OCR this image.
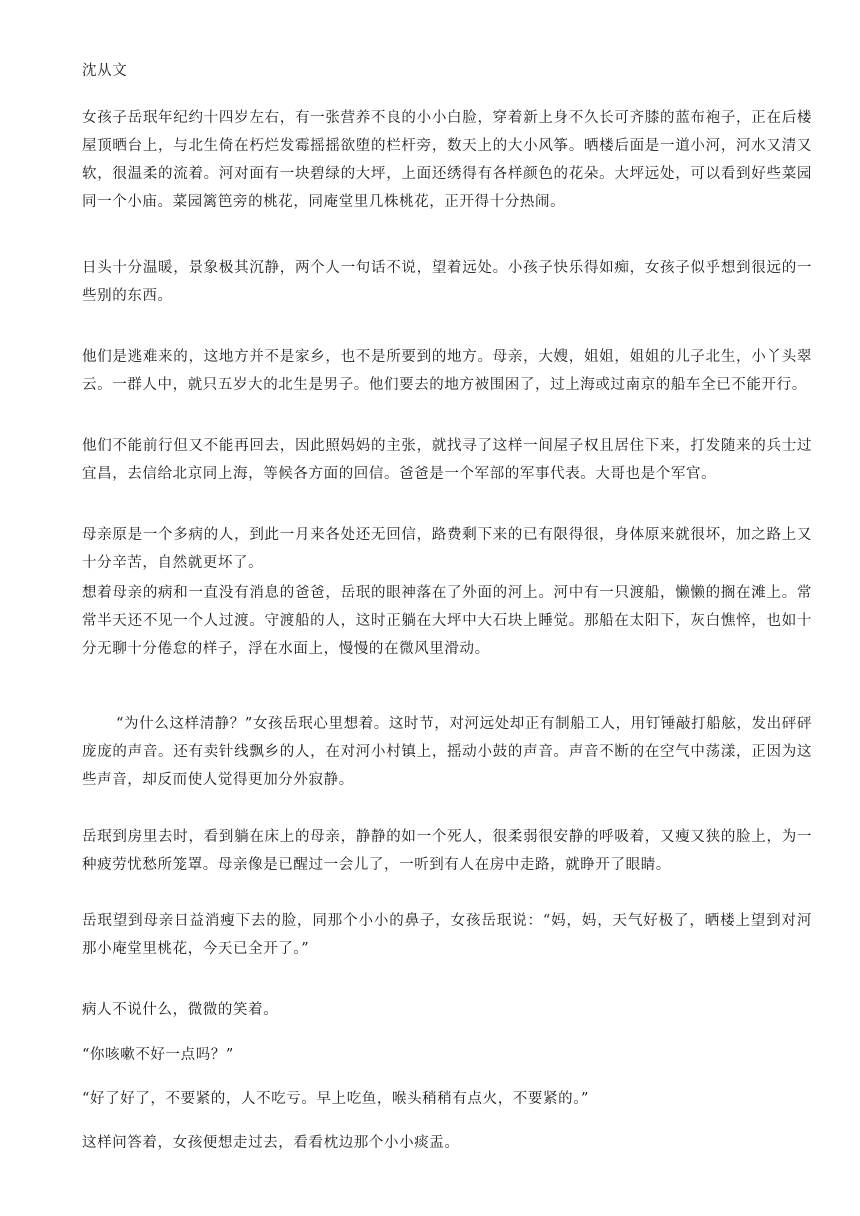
沈从文

女孩子岳珉年纪约十四岁左右，有一张营养不良的小小白脸，穿着新上身不久长可齐膝的蓝布袍子，正在后楼屋顶晒台上，与北生倚在朽烂发霉摇摇欲堕的栏杆旁，数天上的大小风筝。晒楼后面是一道小河，河水又清又软，很温柔的流着。河对面有一块碧绿的大坪，上面还绣得有各样颜色的花朵。大坪远处，可以看到好些菜园同一个小庙。菜园篱笆旁的桃花，同庵堂里几株桃花，正开得十分热闹。

日头十分温暖，景象极其沉静，两个人一句话不说，望着远处。小孩子快乐得如痴，女孩子似乎想到很远的一些别的东西。

他们是逃难来的，这地方并不是家乡，也不是所要到的地方。母亲，大嫂，姐姐，姐姐的儿子北生，小丫头翠云。一群人中，就只五岁大的北生是男子。他们要去的地方被围困了，过上海或过南京的船车全已不能开行。

他们不能前行但又不能再回去，因此照妈妈的主张，就找寻了这样一间屋子权且居住下来，打发随来的兵士过宜昌，去信给北京同上海，等候各方面的回信。爸爸是一个军部的军事代表。大哥也是个军官。

母亲原是一个多病的人，到此一月来各处还无回信，路费剩下来的已有限得很，身体原来就很坏，加之路上又十分辛苦，自然就更坏了。

想着母亲的病和一直没有消息的爸爸，岳珉的眼神落在了外面的河上。河中有一只渡船，懒懒的搁在滩上。常常半天还不见一个人过渡。守渡船的人，这时正躺在大坪中大石块上睡觉。那船在太阳下，灰白憔悴，也如十分无聊十分倦怠的样子，浮在水面上，慢慢的在微风里滑动。

“为什么这样清静？”女孩岳珉心里想着。这时节，对河远处却正有制船工人，用钉锤敲打船舷，发出砰砰庞庞的声音。还有卖针线飘乡的人，在对河小村镇上，摇动小鼓的声音。声音不断的在空气中荡漾，正因为这些声音，却反而使人觉得更加分外寂静。

岳珉到房里去时，看到躺在床上的母亲，静静的如一个死人，很柔弱很安静的呼吸着，又瘦又狭的脸上，为一种疲劳忧愁所笼罩。母亲像是已醒过一会儿了，一听到有人在房中走路，就睁开了眼睛。

岳珉望到母亲日益消瘦下去的脸，同那个小小的鼻子，女孩岳珉说：“妈，妈，天气好极了，晒楼上望到对河那小庵堂里桃花，今天已全开了。”

病人不说什么，微微的笑着。

“你咳嗽不好一点吗？”

“好了好了，不要紧的，人不吃亏。早上吃鱼，喉头稍稍有点火，不要紧的。”

这样问答着，女孩便想走过去，看看枕边那个小小痰盂。
